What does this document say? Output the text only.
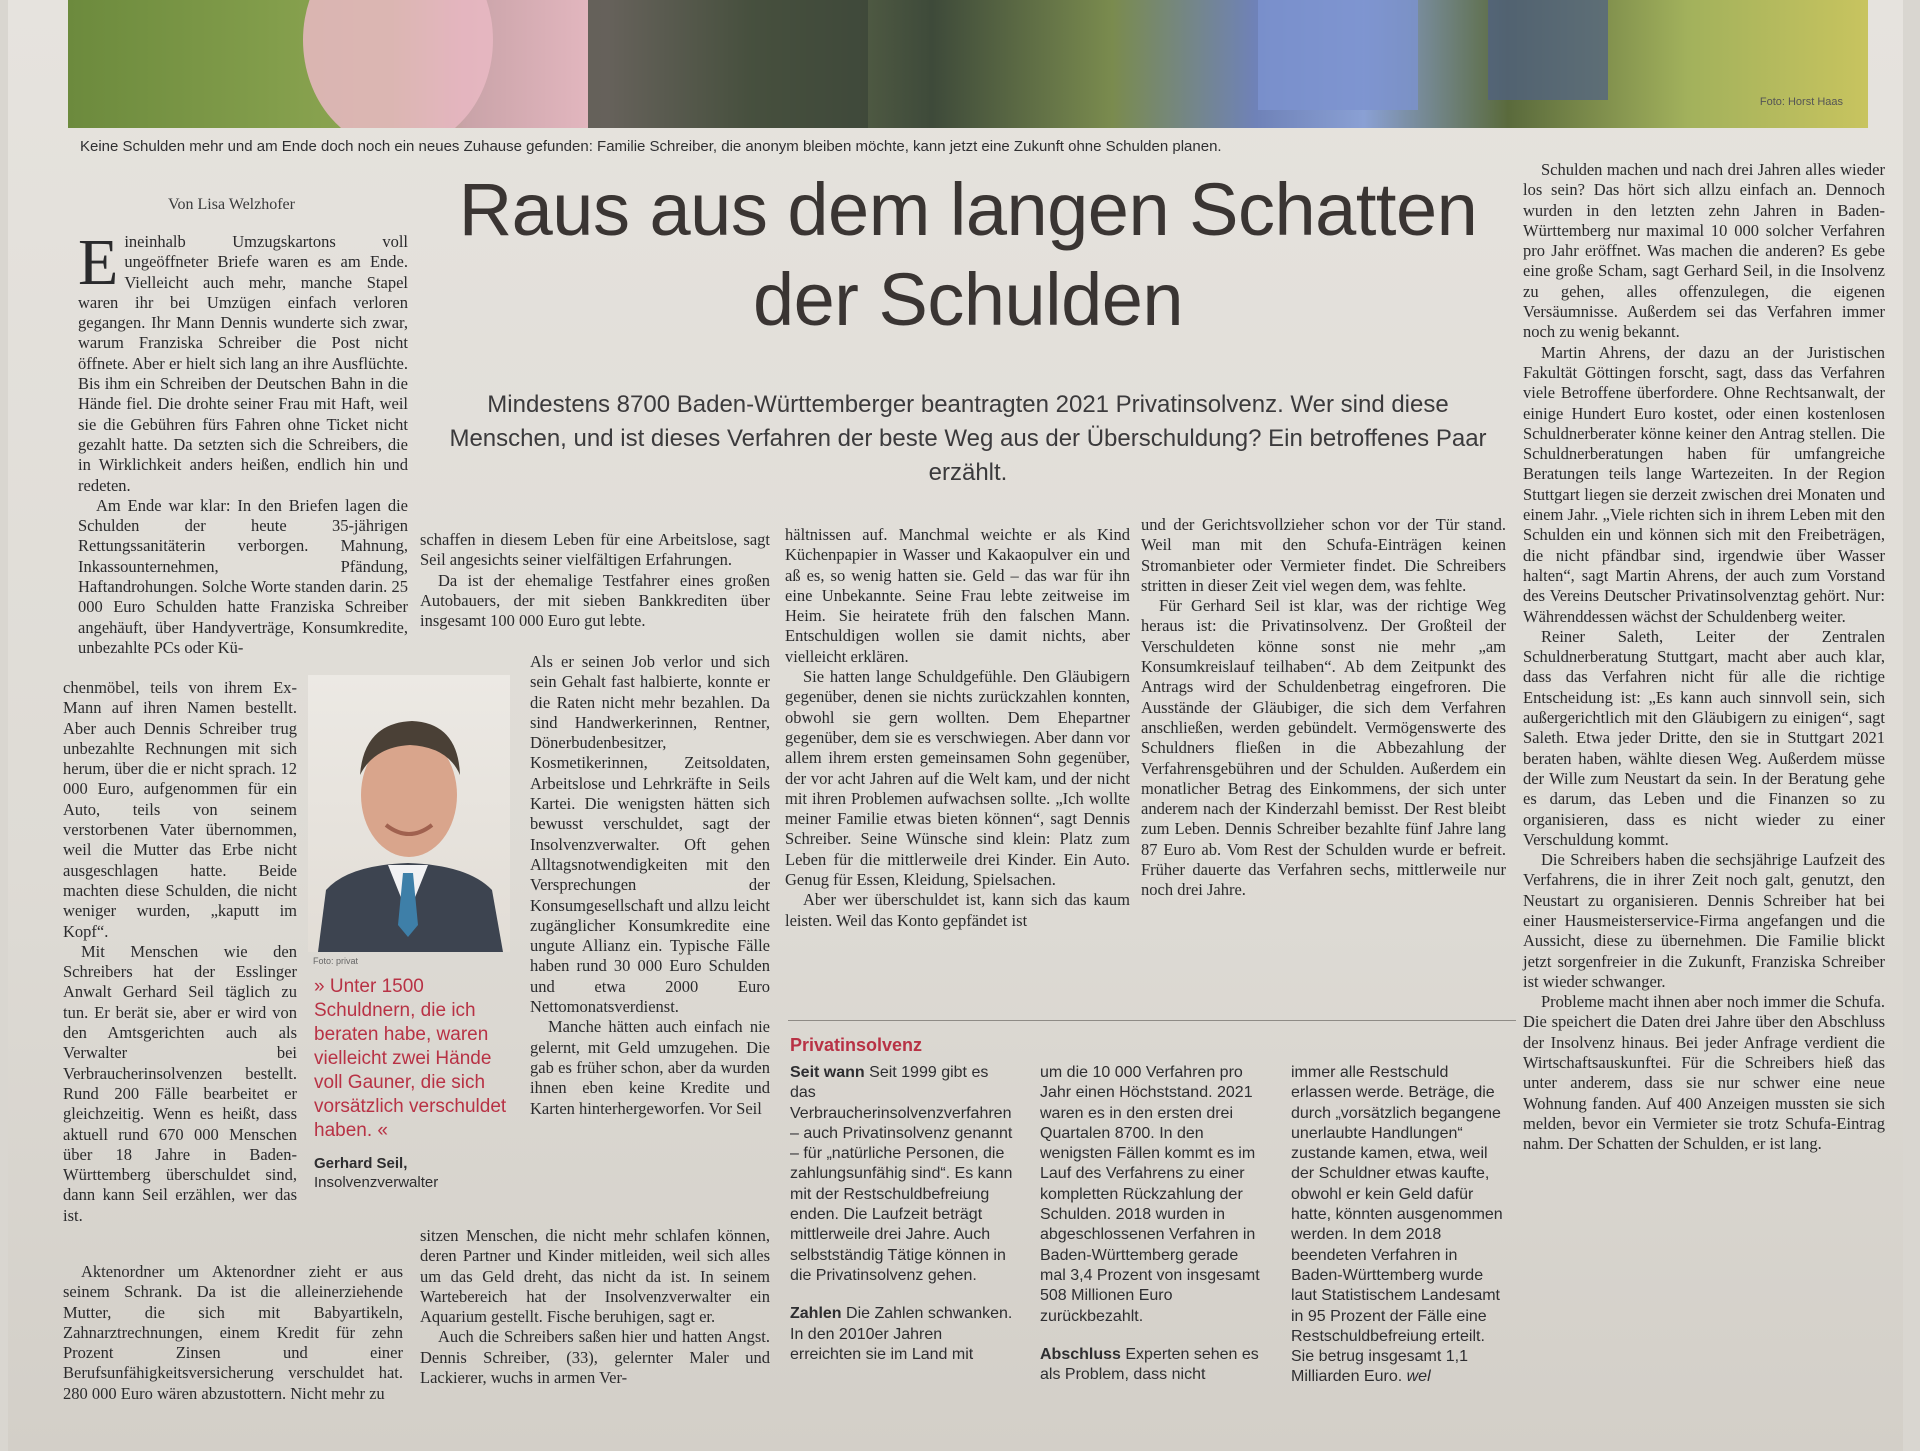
Foto: Horst Haas
Keine Schulden mehr und am Ende doch noch ein neues Zuhause gefunden: Familie Schreiber, die anonym bleiben möchte, kann jetzt eine Zukunft ohne Schulden planen.
Von Lisa Welzhofer	Raus aus dem langen Schatten der Schulden
Mindestens 8700 Baden-Württemberger beantragten 2021 Privatinsolvenz. Wer sind diese Menschen, und ist dieses Verfahren der beste Weg aus der Überschuldung? Ein betroffenes Paar erzählt.

Eineinhalb Umzugskartons voll ungeöffneter Briefe waren es am Ende. Vielleicht auch mehr, manche Stapel waren ihr bei Umzügen einfach verloren gegangen. Ihr Mann Dennis wunderte sich zwar, warum Franziska Schreiber die Post nicht öffnete. Aber er hielt sich lang an ihre Ausflüchte. Bis ihm ein Schreiben der Deutschen Bahn in die Hände fiel. Die drohte seiner Frau mit Haft, weil sie die Gebühren fürs Fahren ohne Ticket nicht gezahlt hatte. Da setzten sich die Schreibers, die in Wirklichkeit anders heißen, endlich hin und redeten.

Am Ende war klar: In den Briefen lagen die Schulden der heute 35-jährigen Rettungssanitäterin verborgen. Mahnung, Inkassounternehmen, Pfändung, Haftandrohungen. Solche Worte standen darin. 25 000 Euro Schulden hatte Franziska Schreiber angehäuft, über Handyverträge, Konsumkredite, unbezahlte PCs oder Kü-

chenmöbel, teils von ihrem Ex-Mann auf ihren Namen bestellt. Aber auch Dennis Schreiber trug unbezahlte Rechnungen mit sich herum, über die er nicht sprach. 12 000 Euro, aufgenommen für ein Auto, teils von seinem verstorbenen Vater übernommen, weil die Mutter das Erbe nicht ausgeschlagen hatte. Beide machten diese Schulden, die nicht weniger wurden, „kaputt im Kopf“.

Mit Menschen wie den Schreibers hat der Esslinger Anwalt Gerhard Seil täglich zu tun. Er berät sie, aber er wird von den Amtsgerichten auch als Verwalter bei Verbraucherinsolvenzen bestellt. Rund 200 Fälle bearbeitet er gleichzeitig. Wenn es heißt, dass aktuell rund 670 000 Menschen über 18 Jahre in Baden-Württemberg überschuldet sind, dann kann Seil erzählen, wer das ist.

Aktenordner um Aktenordner zieht er aus seinem Schrank. Da ist die alleinerziehende Mutter, die sich mit Babyartikeln, Zahnarztrechnungen, einem Kredit für zehn Prozent Zinsen und einer Berufsunfähigkeitsversicherung verschuldet hat. 280 000 Euro wären abzustottern. Nicht mehr zu

Foto: privat
» Unter 1500 Schuldnern, die ich beraten habe, waren vielleicht zwei Hände voll Gauner, die sich vorsätzlich verschuldet haben. «
Gerhard Seil,
Insolvenzverwalter

schaffen in diesem Leben für eine Arbeitslose, sagt Seil angesichts seiner vielfältigen Erfahrungen.

Da ist der ehemalige Testfahrer eines großen Autobauers, der mit sieben Bankkrediten über insgesamt 100 000 Euro gut lebte.

Als er seinen Job verlor und sich sein Gehalt fast halbierte, konnte er die Raten nicht mehr bezahlen. Da sind Handwerkerinnen, Rentner, Dönerbudenbesitzer, Kosmetikerinnen, Zeitsoldaten, Arbeitslose und Lehrkräfte in Seils Kartei. Die wenigsten hätten sich bewusst verschuldet, sagt der Insolvenzverwalter. Oft gehen Alltagsnotwendigkeiten mit den Versprechungen der Konsumgesellschaft und allzu leicht zugänglicher Konsumkredite eine ungute Allianz ein. Typische Fälle haben rund 30 000 Euro Schulden und etwa 2000 Euro Nettomonatsverdienst.

Manche hätten auch einfach nie gelernt, mit Geld umzugehen. Die gab es früher schon, aber da wurden ihnen eben keine Kredite und Karten hinterhergeworfen. Vor Seil

sitzen Menschen, die nicht mehr schlafen können, deren Partner und Kinder mitleiden, weil sich alles um das Geld dreht, das nicht da ist. In seinem Wartebereich hat der Insolvenzverwalter ein Aquarium gestellt. Fische beruhigen, sagt er.

Auch die Schreibers saßen hier und hatten Angst. Dennis Schreiber, (33), gelernter Maler und Lackierer, wuchs in armen Ver-

hältnissen auf. Manchmal weichte er als Kind Küchenpapier in Wasser und Kakaopulver ein und aß es, so wenig hatten sie. Geld – das war für ihn eine Unbekannte. Seine Frau lebte zeitweise im Heim. Sie heiratete früh den falschen Mann. Entschuldigen wollen sie damit nichts, aber vielleicht erklären.

Sie hatten lange Schuldgefühle. Den Gläubigern gegenüber, denen sie nichts zurückzahlen konnten, obwohl sie gern wollten. Dem Ehepartner gegenüber, dem sie es verschwiegen. Aber dann vor allem ihrem ersten gemeinsamen Sohn gegenüber, der vor acht Jahren auf die Welt kam, und der nicht mit ihren Problemen aufwachsen sollte. „Ich wollte meiner Familie etwas bieten können“, sagt Dennis Schreiber. Seine Wünsche sind klein: Platz zum Leben für die mittlerweile drei Kinder. Ein Auto. Genug für Essen, Kleidung, Spielsachen.

Aber wer überschuldet ist, kann sich das kaum leisten. Weil das Konto gepfändet ist

und der Gerichtsvollzieher schon vor der Tür stand. Weil man mit den Schufa-Einträgen keinen Stromanbieter oder Vermieter findet. Die Schreibers stritten in dieser Zeit viel wegen dem, was fehlte.

Für Gerhard Seil ist klar, was der richtige Weg heraus ist: die Privatinsolvenz. Der Großteil der Verschuldeten könne sonst nie mehr „am Konsumkreislauf teilhaben“. Ab dem Zeitpunkt des Antrags wird der Schuldenbetrag eingefroren. Die Ausstände der Gläubiger, die sich dem Verfahren anschließen, werden gebündelt. Vermögenswerte des Schuldners fließen in die Abbezahlung der Verfahrensgebühren und der Schulden. Außerdem ein monatlicher Betrag des Einkommens, der sich unter anderem nach der Kinderzahl bemisst. Der Rest bleibt zum Leben. Dennis Schreiber bezahlte fünf Jahre lang 87 Euro ab. Vom Rest der Schulden wurde er befreit. Früher dauerte das Verfahren sechs, mittlerweile nur noch drei Jahre.

Schulden machen und nach drei Jahren alles wieder los sein? Das hört sich allzu einfach an. Dennoch wurden in den letzten zehn Jahren in Baden-Württemberg nur maximal 10 000 solcher Verfahren pro Jahr eröffnet. Was machen die anderen? Es gebe eine große Scham, sagt Gerhard Seil, in die Insolvenz zu gehen, alles offenzulegen, die eigenen Versäumnisse. Außerdem sei das Verfahren immer noch zu wenig bekannt.

Martin Ahrens, der dazu an der Juristischen Fakultät Göttingen forscht, sagt, dass das Verfahren viele Betroffene überfordere. Ohne Rechtsanwalt, der einige Hundert Euro kostet, oder einen kostenlosen Schuldnerberater könne keiner den Antrag stellen. Die Schuldnerberatungen haben für umfangreiche Beratungen teils lange Wartezeiten. In der Region Stuttgart liegen sie derzeit zwischen drei Monaten und einem Jahr. „Viele richten sich in ihrem Leben mit den Schulden ein und können sich mit den Freibeträgen, die nicht pfändbar sind, irgendwie über Wasser halten“, sagt Martin Ahrens, der auch zum Vorstand des Vereins Deutscher Privatinsolvenztag gehört. Nur: Währenddessen wächst der Schuldenberg weiter.

Reiner Saleth, Leiter der Zentralen Schuldnerberatung Stuttgart, macht aber auch klar, dass das Verfahren nicht für alle die richtige Entscheidung ist: „Es kann auch sinnvoll sein, sich außergerichtlich mit den Gläubigern zu einigen“, sagt Saleth. Etwa jeder Dritte, den sie in Stuttgart 2021 beraten haben, wählte diesen Weg. Außerdem müsse der Wille zum Neustart da sein. In der Beratung gehe es darum, das Leben und die Finanzen so zu organisieren, dass es nicht wieder zu einer Verschuldung kommt.

Die Schreibers haben die sechsjährige Laufzeit des Verfahrens, die in ihrer Zeit noch galt, genutzt, den Neustart zu organisieren. Dennis Schreiber hat bei einer Hausmeisterservice-Firma angefangen und die Aussicht, diese zu übernehmen. Die Familie blickt jetzt sorgenfreier in die Zukunft, Franziska Schreiber ist wieder schwanger.

Probleme macht ihnen aber noch immer die Schufa. Die speichert die Daten drei Jahre über den Abschluss der Insolvenz hinaus. Bei jeder Anfrage verdient die Wirtschaftsauskunftei. Für die Schreibers hieß das unter anderem, dass sie nur schwer eine neue Wohnung fanden. Auf 400 Anzeigen mussten sie sich melden, bevor ein Vermieter sie trotz Schufa-Eintrag nahm. Der Schatten der Schulden, er ist lang.

Privatinsolvenz
Seit wann Seit 1999 gibt es das Verbraucherinsolvenzverfahren – auch Privatinsolvenz genannt – für „natürliche Personen, die zahlungsunfähig sind“. Es kann mit der Restschuldbefreiung enden. Die Laufzeit beträgt mittlerweile drei Jahre. Auch selbstständig Tätige können in die Privatinsolvenz gehen.
Zahlen Die Zahlen schwanken. In den 2010er Jahren erreichten sie im Land mit
um die 10 000 Verfahren pro Jahr einen Höchststand. 2021 waren es in den ersten drei Quartalen 8700. In den wenigsten Fällen kommt es im Lauf des Verfahrens zu einer kompletten Rückzahlung der Schulden. 2018 wurden in abgeschlossenen Verfahren in Baden-Württemberg gerade mal 3,4 Prozent von insgesamt 508 Millionen Euro zurückbezahlt.
Abschluss Experten sehen es als Problem, dass nicht
immer alle Restschuld erlassen werde. Beträge, die durch „vorsätzlich begangene unerlaubte Handlungen“ zustande kamen, etwa, weil der Schuldner etwas kaufte, obwohl er kein Geld dafür hatte, könnten ausgenommen werden. In dem 2018 beendeten Verfahren in Baden-Württemberg wurde laut Statistischem Landesamt in 95 Prozent der Fälle eine Restschuldbefreiung erteilt. Sie betrug insgesamt 1,1 Milliarden Euro. wel
